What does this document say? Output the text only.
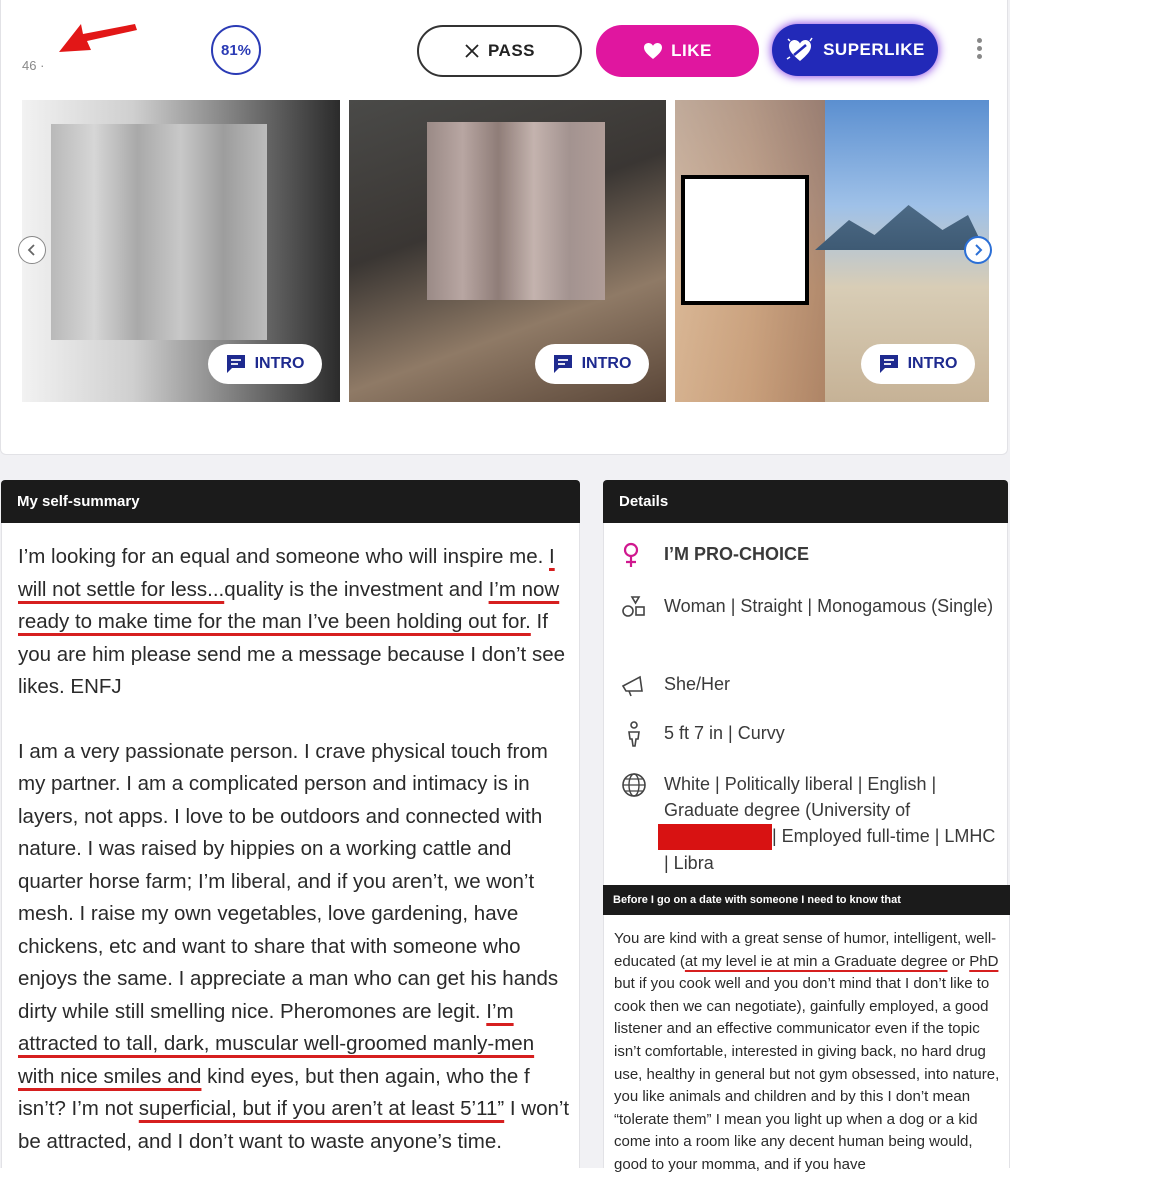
46 ·
81%	PASS	LIKE	SUPERLIKE
INTRO	INTRO	INTRO
My self-summary

I’m looking for an equal and someone who will inspire me. I will not settle for less...quality is the investment and I’m now ready to make time for the man I’ve been holding out for. If you are him please send me a message because I don’t see likes. ENFJ

I am a very passionate person. I crave physical touch from my partner. I am a complicated person and intimacy is in layers, not apps. I love to be outdoors and connected with nature. I was raised by hippies on a working cattle and quarter horse farm; I’m liberal, and if you aren’t, we won’t mesh. I raise my own vegetables, love gardening, have chickens, etc and want to share that with someone who enjoys the same. I appreciate a man who can get his hands dirty while still smelling nice. Pheromones are legit. I’m attracted to tall, dark, muscular well-groomed manly-men with nice smiles and kind eyes, but then again, who the f isn’t? I’m not superficial, but if you aren’t at least 5’11” I won’t be attracted, and I don’t want to waste anyone’s time.

Details
I’M PRO-CHOICE
Woman | Straight | Monogamous (Single)
She/Her
5 ft 7 in | Curvy
White | Politically liberal | English | Graduate degree (University of | Employed full-time | LMHC | Libra
Before I go on a date with someone I need to know that
You are kind with a great sense of humor, intelligent, well-educated (at my level ie at min a Graduate degree or PhD but if you cook well and you don’t mind that I don’t like to cook then we can negotiate), gainfully employed, a good listener and an effective communicator even if the topic isn’t comfortable, interested in giving back, no hard drug use, healthy in general but not gym obsessed, into nature, you like animals and children and by this I don’t mean “tolerate them” I mean you light up when a dog or a kid come into a room like any decent human being would, good to your momma, and if you have
